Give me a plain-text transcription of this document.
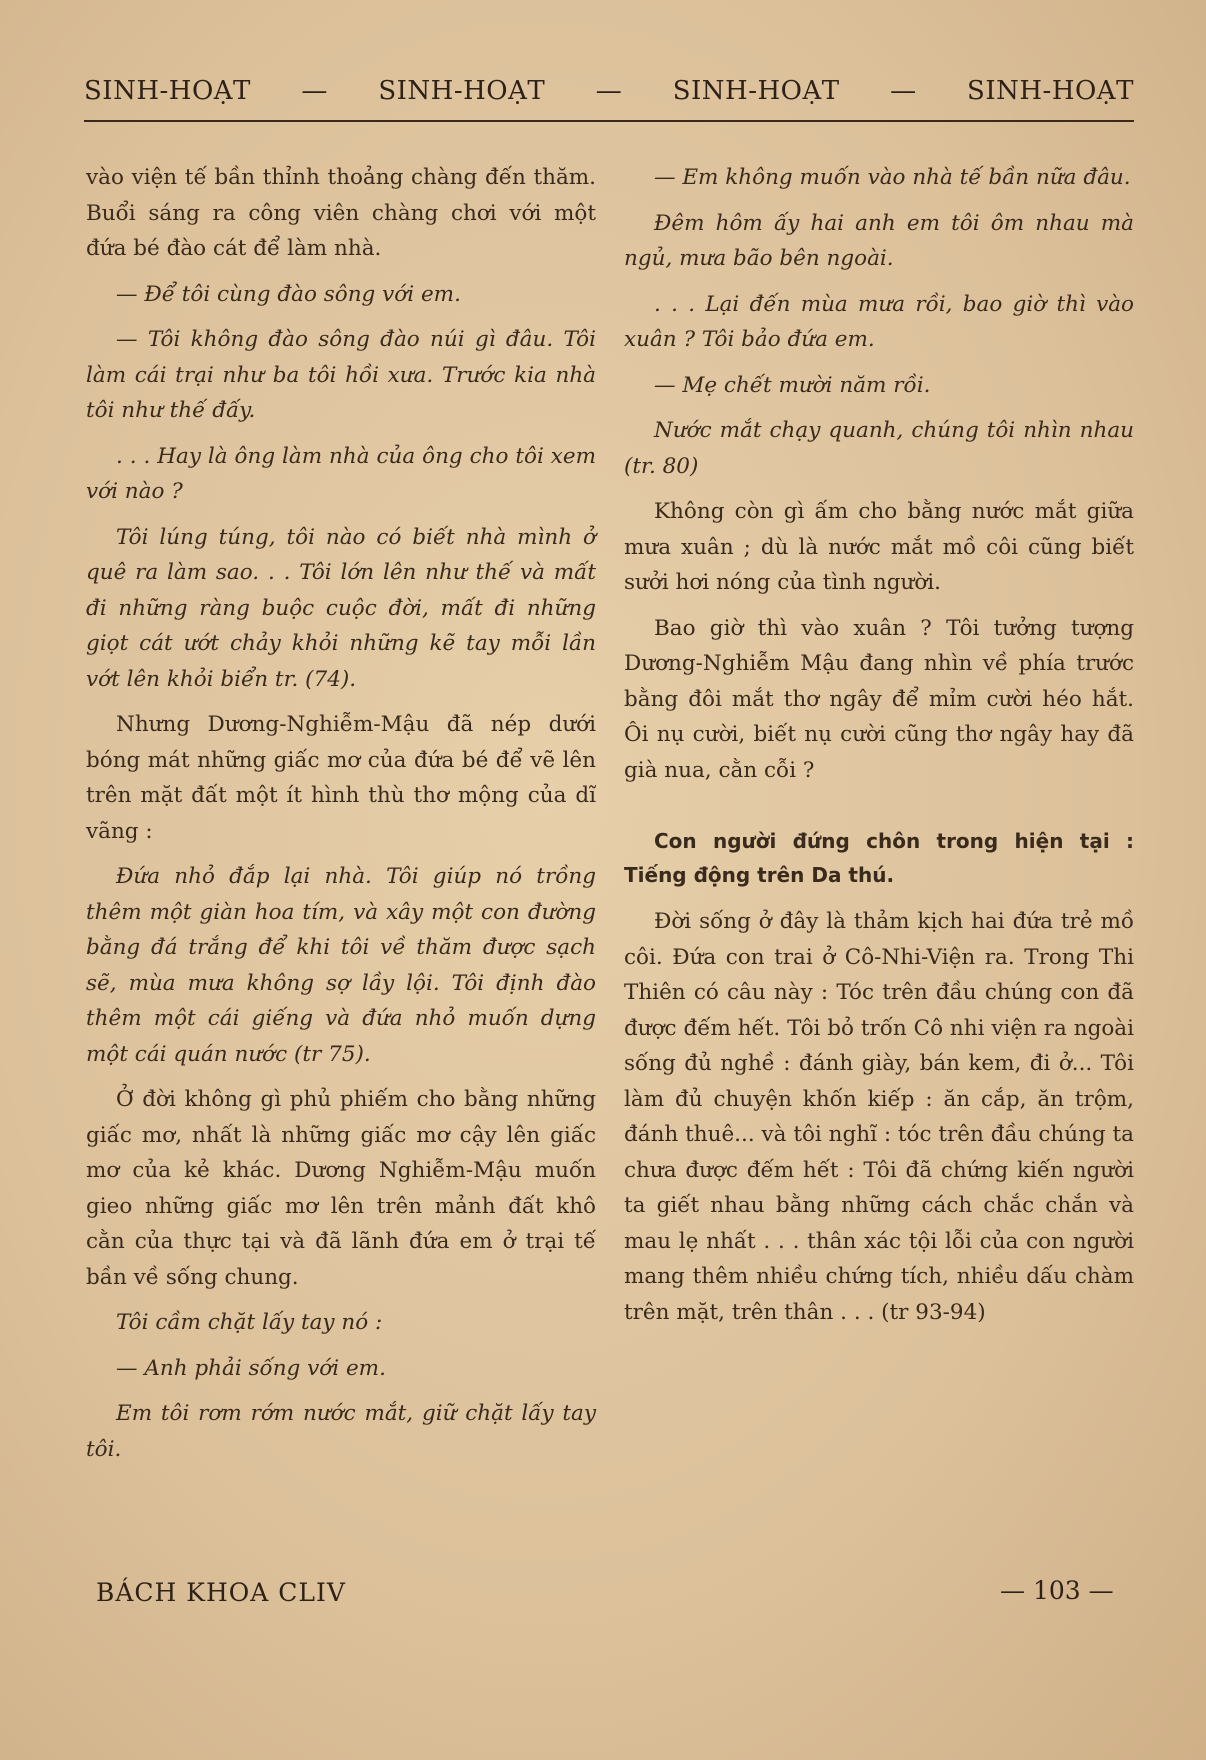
SINH-HOẠT — SINH-HOẠT — SINH-HOẠT — SINH-HOẠT

vào viện tế bần thỉnh thoảng chàng đến thăm. Buổi sáng ra công viên chàng chơi với một đứa bé đào cát để làm nhà.

— Để tôi cùng đào sông với em.

— Tôi không đào sông đào núi gì đâu. Tôi làm cái trại như ba tôi hồi xưa. Trước kia nhà tôi như thế đấy.

. . . Hay là ông làm nhà của ông cho tôi xem với nào ?

Tôi lúng túng, tôi nào có biết nhà mình ở quê ra làm sao. . . Tôi lớn lên như thế và mất đi những ràng buộc cuộc đời, mất đi những giọt cát ướt chảy khỏi những kẽ tay mỗi lần vớt lên khỏi biển tr. (74).

Nhưng Dương-Nghiễm-Mậu đã nép dưới bóng mát những giấc mơ của đứa bé để vẽ lên trên mặt đất một ít hình thù thơ mộng của dĩ vãng :

Đứa nhỏ đắp lại nhà. Tôi giúp nó trồng thêm một giàn hoa tím, và xây một con đường bằng đá trắng để khi tôi về thăm được sạch sẽ, mùa mưa không sợ lầy lội. Tôi định đào thêm một cái giếng và đứa nhỏ muốn dựng một cái quán nước (tr 75).

Ở đời không gì phủ phiếm cho bằng những giấc mơ, nhất là những giấc mơ cậy lên giấc mơ của kẻ khác. Dương Nghiễm-Mậu muốn gieo những giấc mơ lên trên mảnh đất khô cằn của thực tại và đã lãnh đứa em ở trại tế bần về sống chung.

Tôi cầm chặt lấy tay nó :

— Anh phải sống với em.

Em tôi rơm rớm nước mắt, giữ chặt lấy tay tôi.

— Em không muốn vào nhà tế bần nữa đâu.

Đêm hôm ấy hai anh em tôi ôm nhau mà ngủ, mưa bão bên ngoài.

. . . Lại đến mùa mưa rồi, bao giờ thì vào xuân ? Tôi bảo đứa em.

— Mẹ chết mười năm rồi.

Nước mắt chạy quanh, chúng tôi nhìn nhau (tr. 80)

Không còn gì ấm cho bằng nước mắt giữa mưa xuân ; dù là nước mắt mồ côi cũng biết sưởi hơi nóng của tình người.

Bao giờ thì vào xuân ? Tôi tưởng tượng Dương-Nghiễm Mậu đang nhìn về phía trước bằng đôi mắt thơ ngây để mỉm cười héo hắt. Ôi nụ cười, biết nụ cười cũng thơ ngây hay đã già nua, cằn cỗi ?

Con người đứng chôn trong hiện tại : Tiếng động trên Da thú.

Đời sống ở đây là thảm kịch hai đứa trẻ mồ côi. Đứa con trai ở Cô-Nhi-Viện ra. Trong Thi Thiên có câu này : Tóc trên đầu chúng con đã được đếm hết. Tôi bỏ trốn Cô nhi viện ra ngoài sống đủ nghề : đánh giày, bán kem, đi ở... Tôi làm đủ chuyện khốn kiếp : ăn cắp, ăn trộm, đánh thuê... và tôi nghĩ : tóc trên đầu chúng ta chưa được đếm hết : Tôi đã chứng kiến người ta giết nhau bằng những cách chắc chắn và mau lẹ nhất . . . thân xác tội lỗi của con người mang thêm nhiều chứng tích, nhiều dấu chàm trên mặt, trên thân . . . (tr 93-94)

BÁCH KHOA CLIV	— 103 —
